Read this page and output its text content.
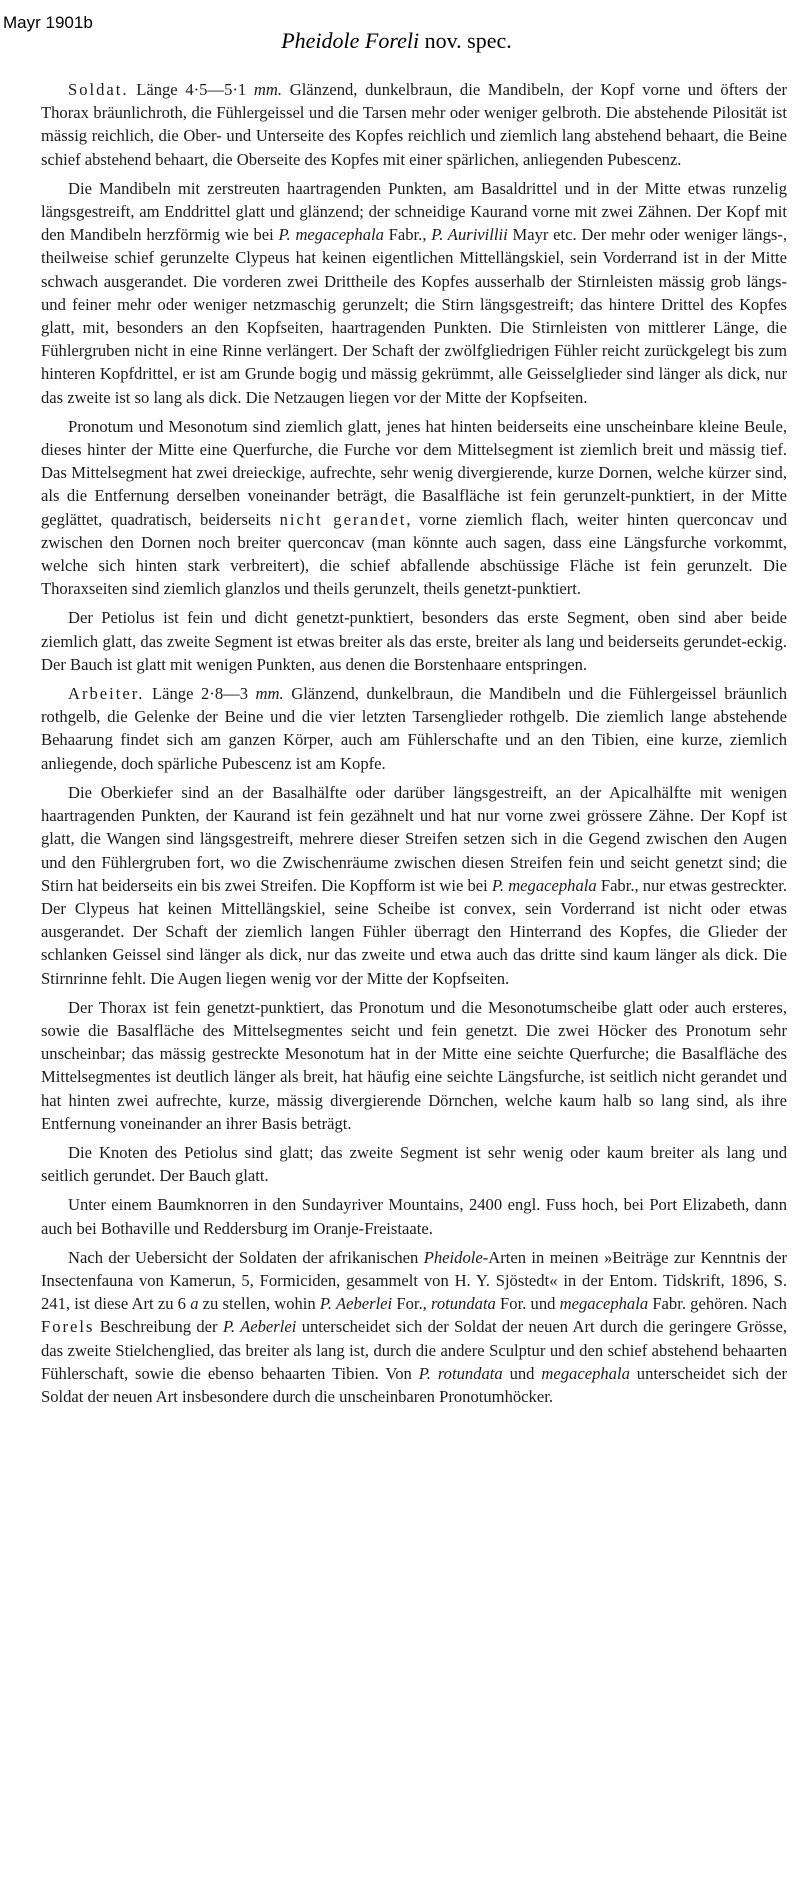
Mayr 1901b
Pheidole Foreli nov. spec.

Soldat. Länge 4·5—5·1 mm. Glänzend, dunkelbraun, die Mandibeln, der Kopf vorne und öfters der Thorax bräunlichroth, die Fühlergeissel und die Tarsen mehr oder weniger gelbroth. Die abstehende Pilosität ist mässig reichlich, die Ober- und Unterseite des Kopfes reichlich und ziemlich lang abstehend behaart, die Beine schief abstehend behaart, die Oberseite des Kopfes mit einer spärlichen, anliegenden Pubescenz.

Die Mandibeln mit zerstreuten haartragenden Punkten, am Basaldrittel und in der Mitte etwas runzelig längsgestreift, am Enddrittel glatt und glänzend; der schneidige Kaurand vorne mit zwei Zähnen. Der Kopf mit den Mandibeln herzförmig wie bei P. megacephala Fabr., P. Aurivillii Mayr etc. Der mehr oder weniger längs-, theilweise schief gerunzelte Clypeus hat keinen eigentlichen Mittellängskiel, sein Vorderrand ist in der Mitte schwach ausgerandet. Die vorderen zwei Drittheile des Kopfes ausserhalb der Stirnleisten mässig grob längs- und feiner mehr oder weniger netzmaschig gerunzelt; die Stirn längsgestreift; das hintere Drittel des Kopfes glatt, mit, besonders an den Kopfseiten, haartragenden Punkten. Die Stirnleisten von mittlerer Länge, die Fühlergruben nicht in eine Rinne verlängert. Der Schaft der zwölfgliedrigen Fühler reicht zurückgelegt bis zum hinteren Kopfdrittel, er ist am Grunde bogig und mässig gekrümmt, alle Geisselglieder sind länger als dick, nur das zweite ist so lang als dick. Die Netzaugen liegen vor der Mitte der Kopfseiten.

Pronotum und Mesonotum sind ziemlich glatt, jenes hat hinten beiderseits eine unscheinbare kleine Beule, dieses hinter der Mitte eine Querfurche, die Furche vor dem Mittelsegment ist ziemlich breit und mässig tief. Das Mittelsegment hat zwei dreieckige, aufrechte, sehr wenig divergierende, kurze Dornen, welche kürzer sind, als die Entfernung derselben voneinander beträgt, die Basalfläche ist fein gerunzelt-punktiert, in der Mitte geglättet, quadratisch, beiderseits nicht gerandet, vorne ziemlich flach, weiter hinten querconcav und zwischen den Dornen noch breiter querconcav (man könnte auch sagen, dass eine Längsfurche vorkommt, welche sich hinten stark verbreitert), die schief abfallende abschüssige Fläche ist fein gerunzelt. Die Thoraxseiten sind ziemlich glanzlos und theils gerunzelt, theils genetzt-punktiert.

Der Petiolus ist fein und dicht genetzt-punktiert, besonders das erste Segment, oben sind aber beide ziemlich glatt, das zweite Segment ist etwas breiter als das erste, breiter als lang und beiderseits gerundet-eckig. Der Bauch ist glatt mit wenigen Punkten, aus denen die Borstenhaare entspringen.

Arbeiter. Länge 2·8—3 mm. Glänzend, dunkelbraun, die Mandibeln und die Fühlergeissel bräunlich rothgelb, die Gelenke der Beine und die vier letzten Tarsenglieder rothgelb. Die ziemlich lange abstehende Behaarung findet sich am ganzen Körper, auch am Fühlerschafte und an den Tibien, eine kurze, ziemlich anliegende, doch spärliche Pubescenz ist am Kopfe.

Die Oberkiefer sind an der Basalhälfte oder darüber längsgestreift, an der Apicalhälfte mit wenigen haartragenden Punkten, der Kaurand ist fein gezähnelt und hat nur vorne zwei grössere Zähne. Der Kopf ist glatt, die Wangen sind längsgestreift, mehrere dieser Streifen setzen sich in die Gegend zwischen den Augen und den Fühlergruben fort, wo die Zwischenräume zwischen diesen Streifen fein und seicht genetzt sind; die Stirn hat beiderseits ein bis zwei Streifen. Die Kopfform ist wie bei P. megacephala Fabr., nur etwas gestreckter. Der Clypeus hat keinen Mittellängskiel, seine Scheibe ist convex, sein Vorderrand ist nicht oder etwas ausgerandet. Der Schaft der ziemlich langen Fühler überragt den Hinterrand des Kopfes, die Glieder der schlanken Geissel sind länger als dick, nur das zweite und etwa auch das dritte sind kaum länger als dick. Die Stirnrinne fehlt. Die Augen liegen wenig vor der Mitte der Kopfseiten.

Der Thorax ist fein genetzt-punktiert, das Pronotum und die Mesonotumscheibe glatt oder auch ersteres, sowie die Basalfläche des Mittelsegmentes seicht und fein genetzt. Die zwei Höcker des Pronotum sehr unscheinbar; das mässig gestreckte Mesonotum hat in der Mitte eine seichte Querfurche; die Basalfläche des Mittelsegmentes ist deutlich länger als breit, hat häufig eine seichte Längsfurche, ist seitlich nicht gerandet und hat hinten zwei aufrechte, kurze, mässig divergierende Dörnchen, welche kaum halb so lang sind, als ihre Entfernung voneinander an ihrer Basis beträgt.

Die Knoten des Petiolus sind glatt; das zweite Segment ist sehr wenig oder kaum breiter als lang und seitlich gerundet. Der Bauch glatt.

Unter einem Baumknorren in den Sundayriver Mountains, 2400 engl. Fuss hoch, bei Port Elizabeth, dann auch bei Bothaville und Reddersburg im Oranje-Freistaate.

Nach der Uebersicht der Soldaten der afrikanischen Pheidole-Arten in meinen »Beiträge zur Kenntnis der Insectenfauna von Kamerun, 5, Formiciden, gesammelt von H. Y. Sjöstedt« in der Entom. Tidskrift, 1896, S. 241, ist diese Art zu 6 a zu stellen, wohin P. Aeberlei For., rotundata For. und megacephala Fabr. gehören. Nach Forels Beschreibung der P. Aeberlei unterscheidet sich der Soldat der neuen Art durch die geringere Grösse, das zweite Stielchenglied, das breiter als lang ist, durch die andere Sculptur und den schief abstehend behaarten Fühlerschaft, sowie die ebenso behaarten Tibien. Von P. rotundata und megacephala unterscheidet sich der Soldat der neuen Art insbesondere durch die unscheinbaren Pronotumhöcker.
